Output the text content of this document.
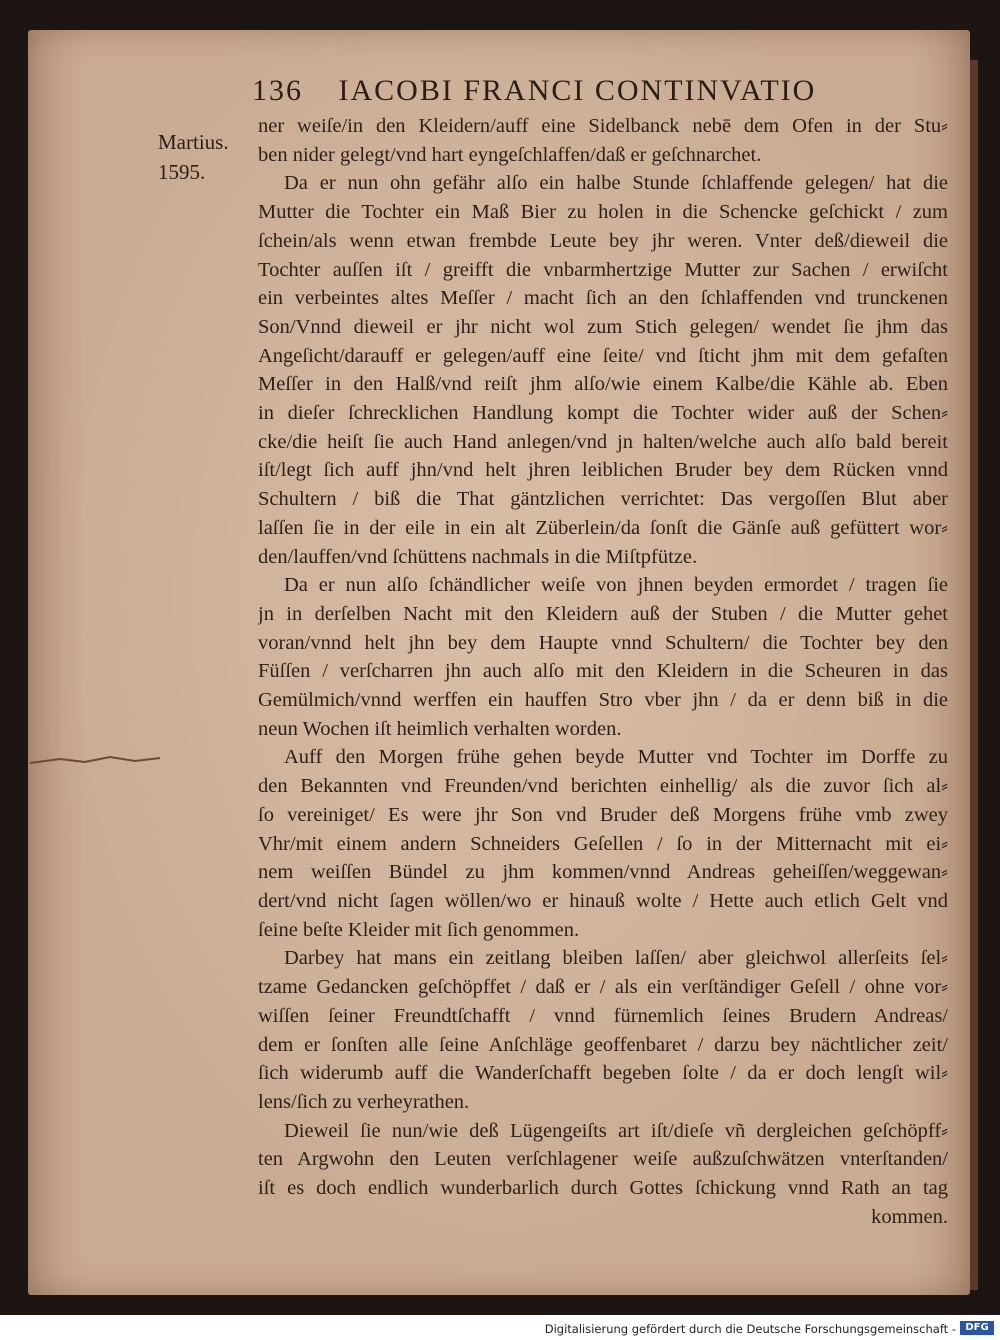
136 IACOBI FRANCI CONTINVATIO
Martius.
1595.
ner weiſe/in den Kleidern/auff eine Sidelbanck nebē dem Ofen in der Stu⸗
ben nider gelegt/vnd hart eyngeſchlaffen/daß er geſchnarchet.
Da er nun ohn gefähr alſo ein halbe Stunde ſchlaffende gelegen/ hat die
Mutter die Tochter ein Maß Bier zu holen in die Schencke geſchickt / zum
ſchein/als wenn etwan frembde Leute bey jhr weren. Vnter deß/dieweil die
Tochter auſſen iſt / greifft die vnbarmhertzige Mutter zur Sachen / erwiſcht
ein verbeintes altes Meſſer / macht ſich an den ſchlaffenden vnd trunckenen
Son/Vnnd dieweil er jhr nicht wol zum Stich gelegen/ wendet ſie jhm das
Angeſicht/darauff er gelegen/auff eine ſeite/ vnd ſticht jhm mit dem gefaſten
Meſſer in den Halß/vnd reiſt jhm alſo/wie einem Kalbe/die Kähle ab. Eben
in dieſer ſchrecklichen Handlung kompt die Tochter wider auß der Schen⸗
cke/die heiſt ſie auch Hand anlegen/vnd jn halten/welche auch alſo bald bereit
iſt/legt ſich auff jhn/vnd helt jhren leiblichen Bruder bey dem Rücken vnnd
Schultern / biß die That gäntzlichen verrichtet: Das vergoſſen Blut aber
laſſen ſie in der eile in ein alt Züberlein/da ſonſt die Gänſe auß gefüttert wor⸗
den/lauffen/vnd ſchüttens nachmals in die Miſtpfütze.
Da er nun alſo ſchändlicher weiſe von jhnen beyden ermordet / tragen ſie
jn in derſelben Nacht mit den Kleidern auß der Stuben / die Mutter gehet
voran/vnnd helt jhn bey dem Haupte vnnd Schultern/ die Tochter bey den
Füſſen / verſcharren jhn auch alſo mit den Kleidern in die Scheuren in das
Gemülmich/vnnd werffen ein hauffen Stro vber jhn / da er denn biß in die
neun Wochen iſt heimlich verhalten worden.
Auff den Morgen frühe gehen beyde Mutter vnd Tochter im Dorffe zu
den Bekannten vnd Freunden/vnd berichten einhellig/ als die zuvor ſich al⸗
ſo vereiniget/ Es were jhr Son vnd Bruder deß Morgens frühe vmb zwey
Vhr/mit einem andern Schneiders Geſellen / ſo in der Mitternacht mit ei⸗
nem weiſſen Bündel zu jhm kommen/vnnd Andreas geheiſſen/weggewan⸗
dert/vnd nicht ſagen wöllen/wo er hinauß wolte / Hette auch etlich Gelt vnd
ſeine beſte Kleider mit ſich genommen.
Darbey hat mans ein zeitlang bleiben laſſen/ aber gleichwol allerſeits ſel⸗
tzame Gedancken geſchöpffet / daß er / als ein verſtändiger Geſell / ohne vor⸗
wiſſen ſeiner Freundtſchafft / vnnd fürnemlich ſeines Brudern Andreas/
dem er ſonſten alle ſeine Anſchläge geoffenbaret / darzu bey nächtlicher zeit/
ſich widerumb auff die Wanderſchafft begeben ſolte / da er doch lengſt wil⸗
lens/ſich zu verheyrathen.
Dieweil ſie nun/wie deß Lügengeiſts art iſt/dieſe vñ dergleichen geſchöpff⸗
ten Argwohn den Leuten verſchlagener weiſe außzuſchwätzen vnterſtanden/
iſt es doch endlich wunderbarlich durch Gottes ſchickung vnnd Rath an tag
kommen.
Digitalisierung gefördert durch die Deutsche Forschungsgemeinschaft - DFG
